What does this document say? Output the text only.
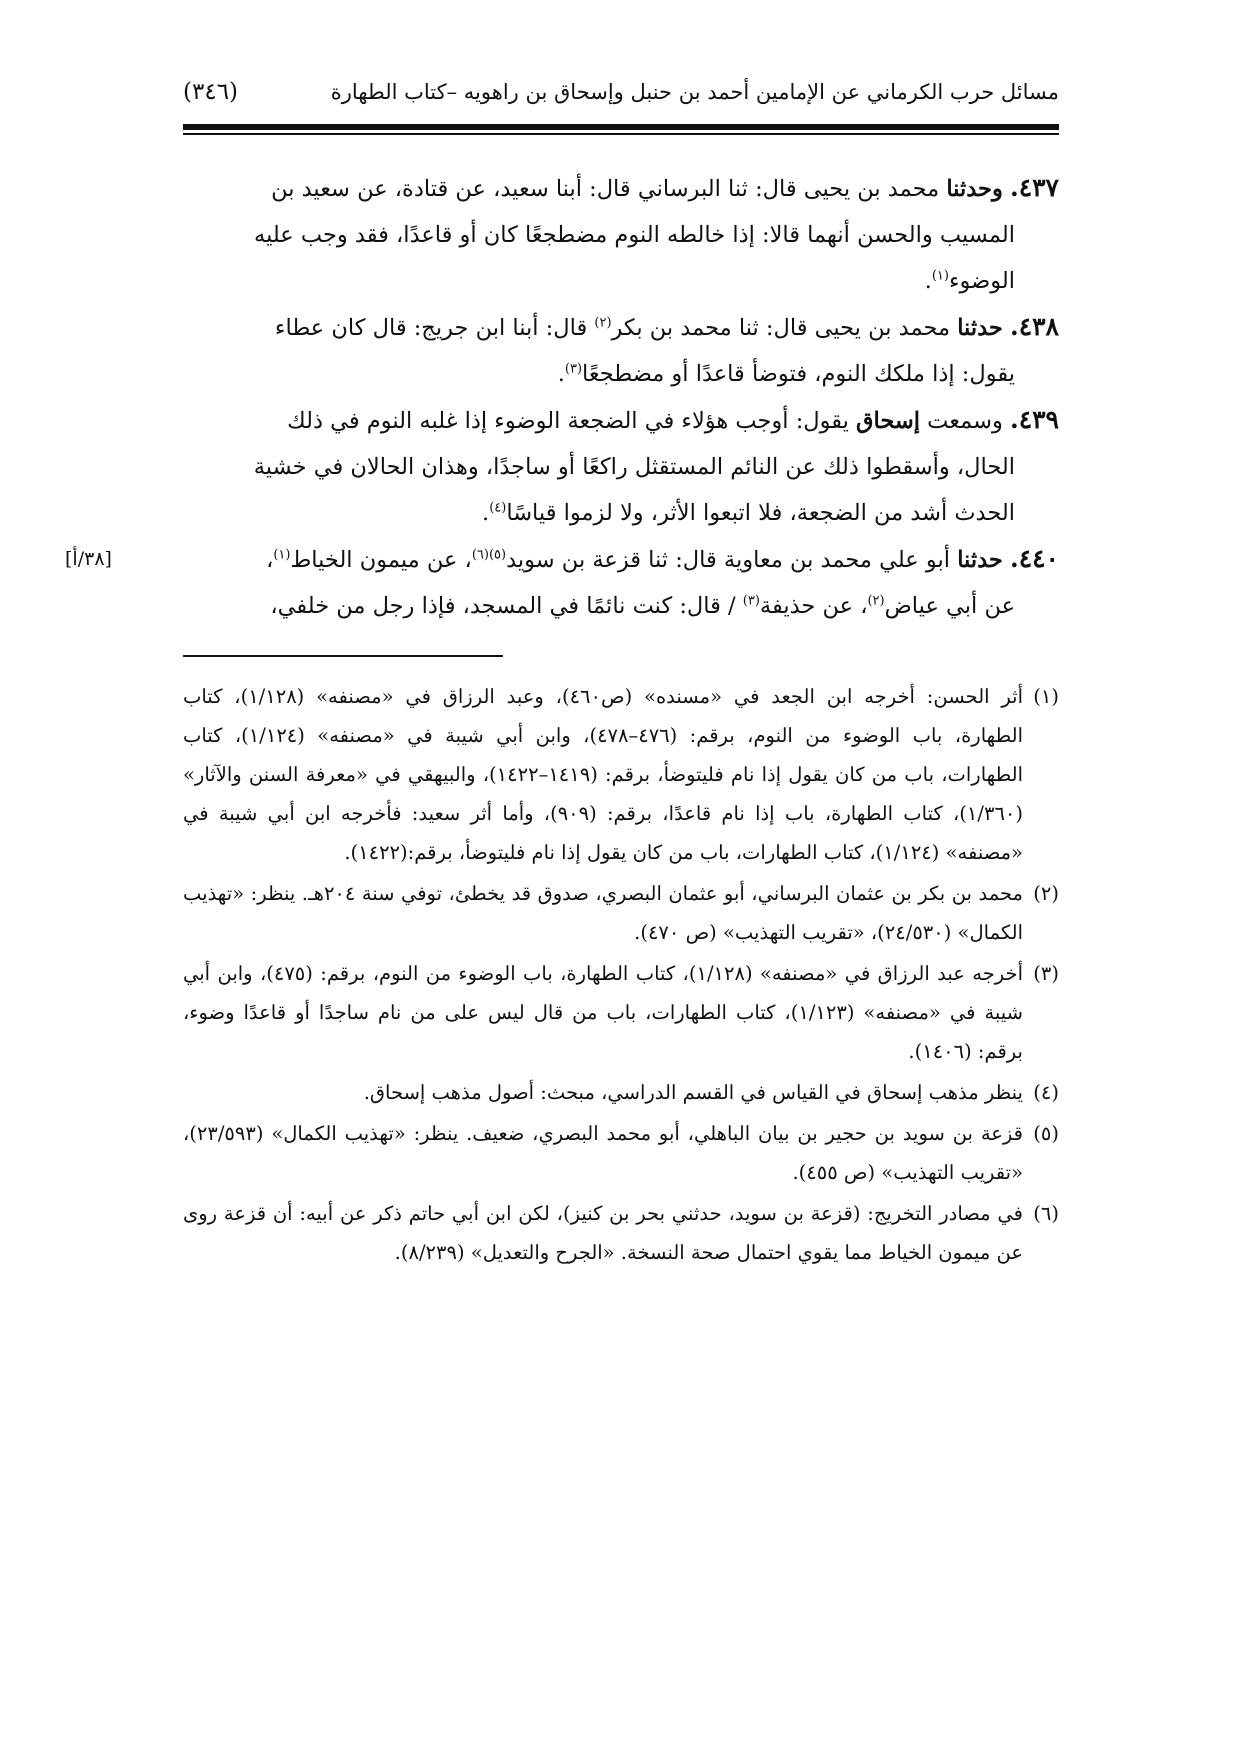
مسائل حرب الكرماني عن الإمامين أحمد بن حنبل وإسحاق بن راهويه –كتاب الطهارة
(٣٤٦)
٤٣٧. وحدثنا محمد بن يحيى قال: ثنا البرساني قال: أبنا سعيد، عن قتادة، عن سعيد بن
المسيب والحسن أنهما قالا: إذا خالطه النوم مضطجعًا كان أو قاعدًا، فقد وجب عليه
الوضوء$^{(١)}$.
٤٣٨. حدثنا محمد بن يحيى قال: ثنا محمد بن بكر$^{(٢)}$ قال: أبنا ابن جريج: قال كان عطاء
يقول: إذا ملكك النوم، فتوضأ قاعدًا أو مضطجعًا$^{(٣)}$.
٤٣٩. وسمعت إسحاق يقول: أوجب هؤلاء في الضجعة الوضوء إذا غلبه النوم في ذلك
الحال، وأسقطوا ذلك عن النائم المستقثل راكعًا أو ساجدًا، وهذان الحالان في خشية
الحدث أشد من الضجعة، فلا اتبعوا الأثر، ولا لزموا قياسًا$^{(٤)}$.
[٣٨/أ]	٤٤٠. حدثنا أبو علي محمد بن معاوية قال: ثنا قزعة بن سويد$^{(٥)(٦)}$، عن ميمون الخياط$^{(١)}$،
عن أبي عياض$^{(٢)}$، عن حذيفة$^{(٣)}$ / قال: كنت نائمًا في المسجد، فإذا رجل من خلفي،
(١)
أثر الحسن: أخرجه ابن الجعد في «مسنده» (ص٤٦٠)، وعبد الرزاق في «مصنفه» (١/١٢٨)، كتاب الطهارة، باب الوضوء من النوم، برقم: (٤٧٦–٤٧٨)، وابن أبي شيبة في «مصنفه» (١/١٢٤)، كتاب الطهارات، باب من كان يقول إذا نام فليتوضأ، برقم: (١٤١٩–١٤٢٢)، والبيهقي في «معرفة السنن والآثار» (١/٣٦٠)، كتاب الطهارة، باب إذا نام قاعدًا، برقم: (٩٠٩)، وأما أثر سعيد: فأخرجه ابن أبي شيبة في «مصنفه» (١/١٢٤)، كتاب الطهارات، باب من كان يقول إذا نام فليتوضأ، برقم:(١٤٢٢).
(٢)
محمد بن بكر بن عثمان البرساني، أبو عثمان البصري، صدوق قد يخطئ، توفي سنة ٢٠٤هـ. ينظر: «تهذيب الكمال» (٢٤/٥٣٠)، «تقريب التهذيب» (ص ٤٧٠).
(٣)
أخرجه عبد الرزاق في «مصنفه» (١/١٢٨)، كتاب الطهارة، باب الوضوء من النوم، برقم: (٤٧٥)، وابن أبي شيبة في «مصنفه» (١/١٢٣)، كتاب الطهارات، باب من قال ليس على من نام ساجدًا أو قاعدًا وضوء، برقم: (١٤٠٦).
(٤)
ينظر مذهب إسحاق في القياس في القسم الدراسي، مبحث: أصول مذهب إسحاق.
(٥)
قزعة بن سويد بن حجير بن بيان الباهلي، أبو محمد البصري، ضعيف. ينظر: «تهذيب الكمال» (٢٣/٥٩٣)، «تقريب التهذيب» (ص ٤٥٥).
(٦)
في مصادر التخريج: (قزعة بن سويد، حدثني بحر بن كنيز)، لكن ابن أبي حاتم ذكر عن أبيه: أن قزعة روى عن ميمون الخياط مما يقوي احتمال صحة النسخة. «الجرح والتعديل» (٨/٢٣٩).
